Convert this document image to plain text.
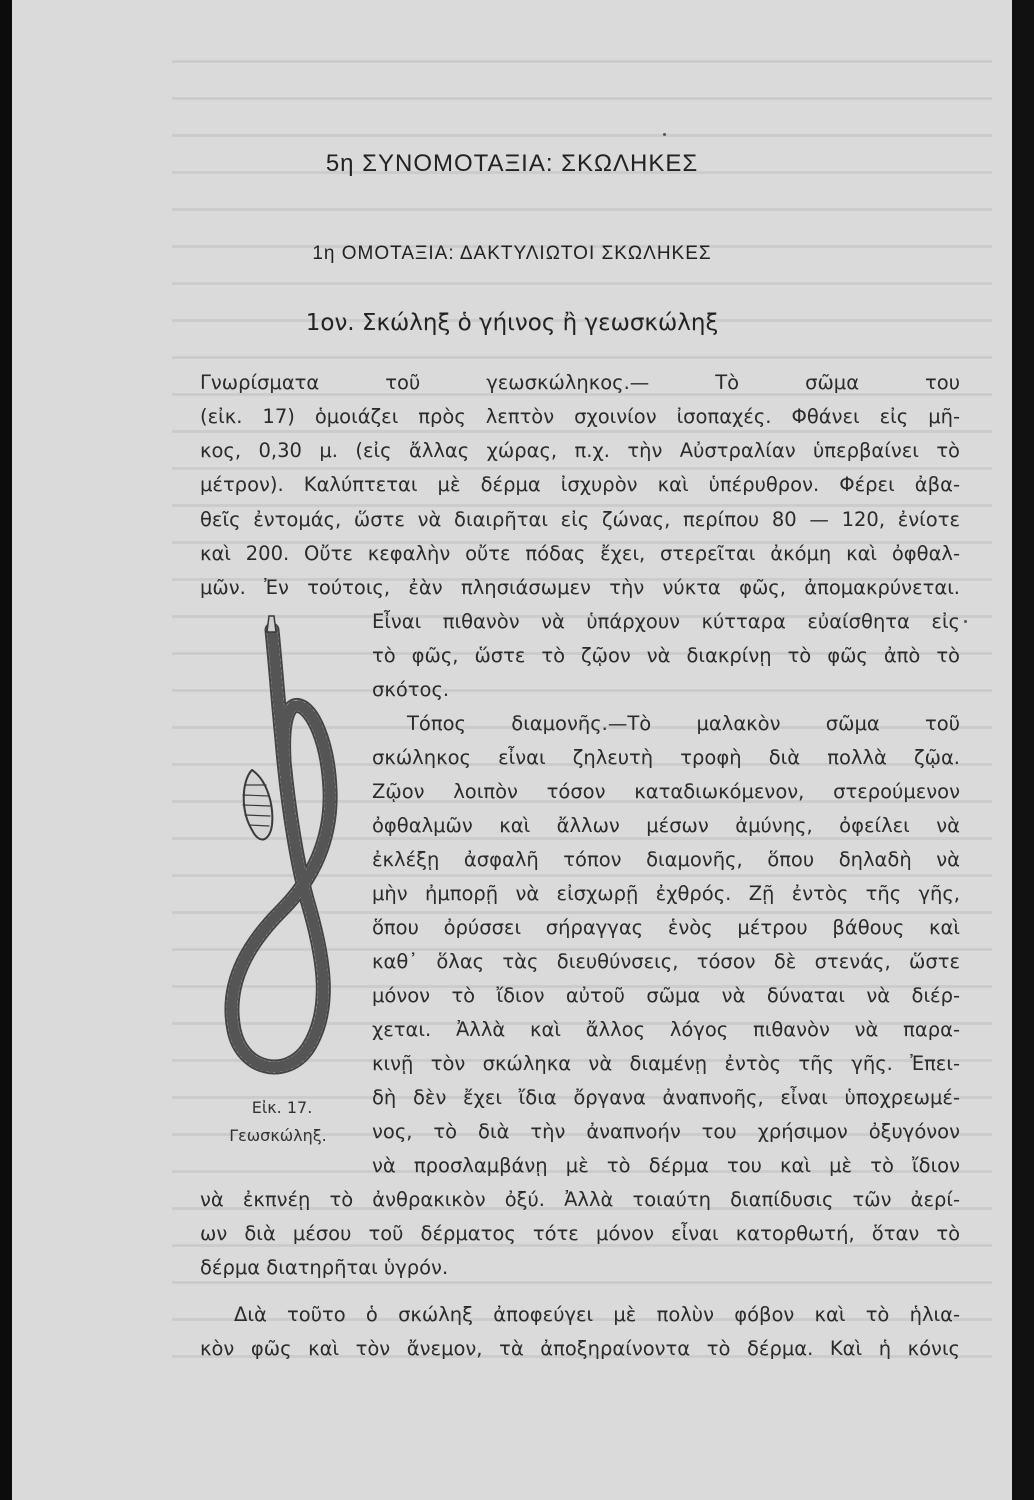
5η ΣΥΝΟΜΟΤΑΞΙΑ: ΣΚΩΛΗΚΕΣ
1η ΟΜΟΤΑΞΙΑ: ΔΑΚΤΥΛΙΩΤΟΙ ΣΚΩΛΗΚΕΣ
1ον. Σκώληξ ὁ γήινος ἢ γεωσκώληξ
Γνωρίσματα τοῦ γεωσκώληκος.— Τὸ σῶμα του
(εἰκ. 17) ὁμοιάζει πρὸς λεπτὸν σχοινίον ἰσοπαχές. Φθάνει εἰς μῆ-
κος, 0,30 μ. (εἰς ἄλλας χώρας, π.χ. τὴν Αὐστραλίαν ὑπερβαίνει τὸ
μέτρον). Καλύπτεται μὲ δέρμα ἰσχυρὸν καὶ ὑπέρυθρον. Φέρει ἀβα-
θεῖς ἐντομάς, ὥστε νὰ διαιρῆται εἰς ζώνας, περίπου 80 — 120, ἐνίοτε
καὶ 200. Οὔτε κεφαλὴν οὔτε πόδας ἔχει, στερεῖται ἀκόμη καὶ ὀφθαλ-
μῶν. Ἐν τούτοις, ἐὰν πλησιάσωμεν τὴν νύκτα φῶς, ἀπομακρύνεται.
Εἶναι πιθανὸν νὰ ὑπάρχουν κύτταρα εὐαίσθητα εἰς
τὸ φῶς, ὥστε τὸ ζῷον νὰ διακρίνῃ τὸ φῶς ἀπὸ τὸ
σκότος.
Τόπος διαμονῆς.—Τὸ μαλακὸν σῶμα τοῦ
σκώληκος εἶναι ζηλευτὴ τροφὴ διὰ πολλὰ ζῷα.
Ζῷον λοιπὸν τόσον καταδιωκόμενον, στερούμενον
ὀφθαλμῶν καὶ ἄλλων μέσων ἀμύνης, ὀφείλει νὰ
ἐκλέξῃ ἀσφαλῆ τόπον διαμονῆς, ὅπου δηλαδὴ νὰ
μὴν ἠμπορῇ νὰ εἰσχωρῇ ἐχθρός. Ζῇ ἐντὸς τῆς γῆς,
ὅπου ὀρύσσει σήραγγας ἑνὸς μέτρου βάθους καὶ
καθ᾿ ὅλας τὰς διευθύνσεις, τόσον δὲ στενάς, ὥστε
μόνον τὸ ἴδιον αὐτοῦ σῶμα νὰ δύναται νὰ διέρ-
χεται. Ἀλλὰ καὶ ἄλλος λόγος πιθανὸν νὰ παρα-
κινῇ τὸν σκώληκα νὰ διαμένῃ ἐντὸς τῆς γῆς. Ἐπει-
δὴ δὲν ἔχει ἴδια ὄργανα ἀναπνοῆς, εἶναι ὑποχρεωμέ-
νος, τὸ διὰ τὴν ἀναπνοήν του χρήσιμον ὀξυγόνον
νὰ προσλαμβάνῃ μὲ τὸ δέρμα του καὶ μὲ τὸ ἴδιον
νὰ ἐκπνέῃ τὸ ἀνθρακικὸν ὀξύ. Ἀλλὰ τοιαύτη διαπίδυσις τῶν ἀερί-
ων διὰ μέσου τοῦ δέρματος τότε μόνον εἶναι κατορθωτή, ὅταν τὸ
δέρμα διατηρῆται ὑγρόν.
Διὰ τοῦτο ὁ σκώληξ ἀποφεύγει μὲ πολὺν φόβον καὶ τὸ ἡλια-
κὸν φῶς καὶ τὸν ἄνεμον, τὰ ἀποξηραίνοντα τὸ δέρμα. Καὶ ἡ κόνις
Εἰκ. 17.
Γεωσκώληξ.
